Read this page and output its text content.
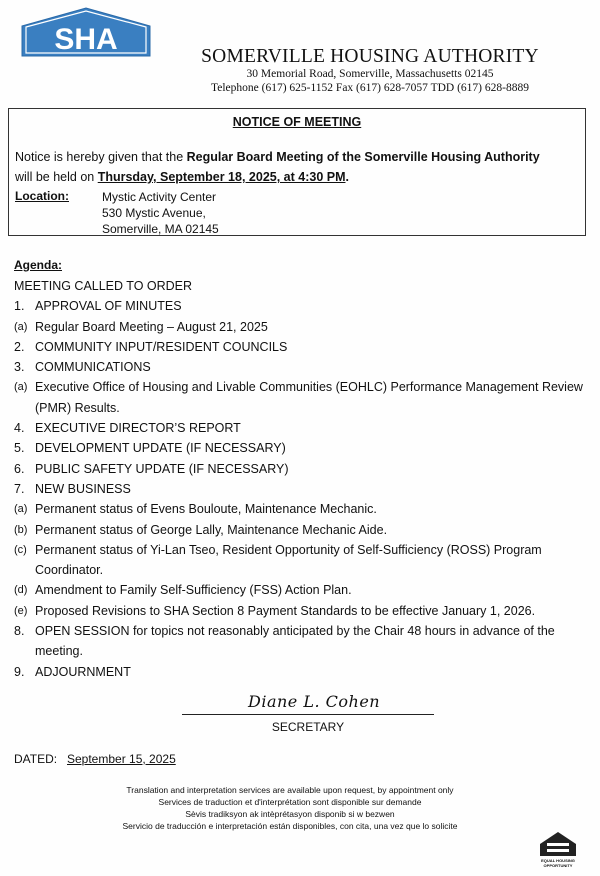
SHA
SOMERVILLE HOUSING AUTHORITY
30 Memorial Road, Somerville, Massachusetts 02145
Telephone (617) 625-1152 Fax (617) 628-7057 TDD (617) 628-8889
NOTICE OF MEETING
Notice is hereby given that the Regular Board Meeting of the Somerville Housing Authority
will be held on Thursday, September 18, 2025, at 4:30 PM.
Location:	Mystic Activity Center
530 Mystic Avenue,
Somerville, MA 02145
Agenda:
MEETING CALLED TO ORDER
1. APPROVAL OF MINUTES
(a) Regular Board Meeting – August 21, 2025
2. COMMUNITY INPUT/RESIDENT COUNCILS
3. COMMUNICATIONS
(a) Executive Office of Housing and Livable Communities (EOHLC) Performance Management Review (PMR) Results.
4. EXECUTIVE DIRECTOR’S REPORT
5. DEVELOPMENT UPDATE (IF NECESSARY)
6. PUBLIC SAFETY UPDATE (IF NECESSARY)
7. NEW BUSINESS
(a) Permanent status of Evens Bouloute, Maintenance Mechanic.
(b) Permanent status of George Lally, Maintenance Mechanic Aide.
(c) Permanent status of Yi-Lan Tseo, Resident Opportunity of Self-Sufficiency (ROSS) Program Coordinator.
(d) Amendment to Family Self-Sufficiency (FSS) Action Plan.
(e) Proposed Revisions to SHA Section 8 Payment Standards to be effective January 1, 2026.
8. OPEN SESSION for topics not reasonably anticipated by the Chair 48 hours in advance of the meeting.
9. ADJOURNMENT
Diane L. Cohen
SECRETARY
DATED: September 15, 2025
Translation and interpretation services are available upon request, by appointment only
Services de traduction et d'interprétation sont disponible sur demande
Sèvis tradiksyon ak intèprétasyon disponib si w bezwen
Servicio de traducción e interpretación están disponibles, con cita, una vez que lo solicite
EQUAL HOUSING OPPORTUNITY
